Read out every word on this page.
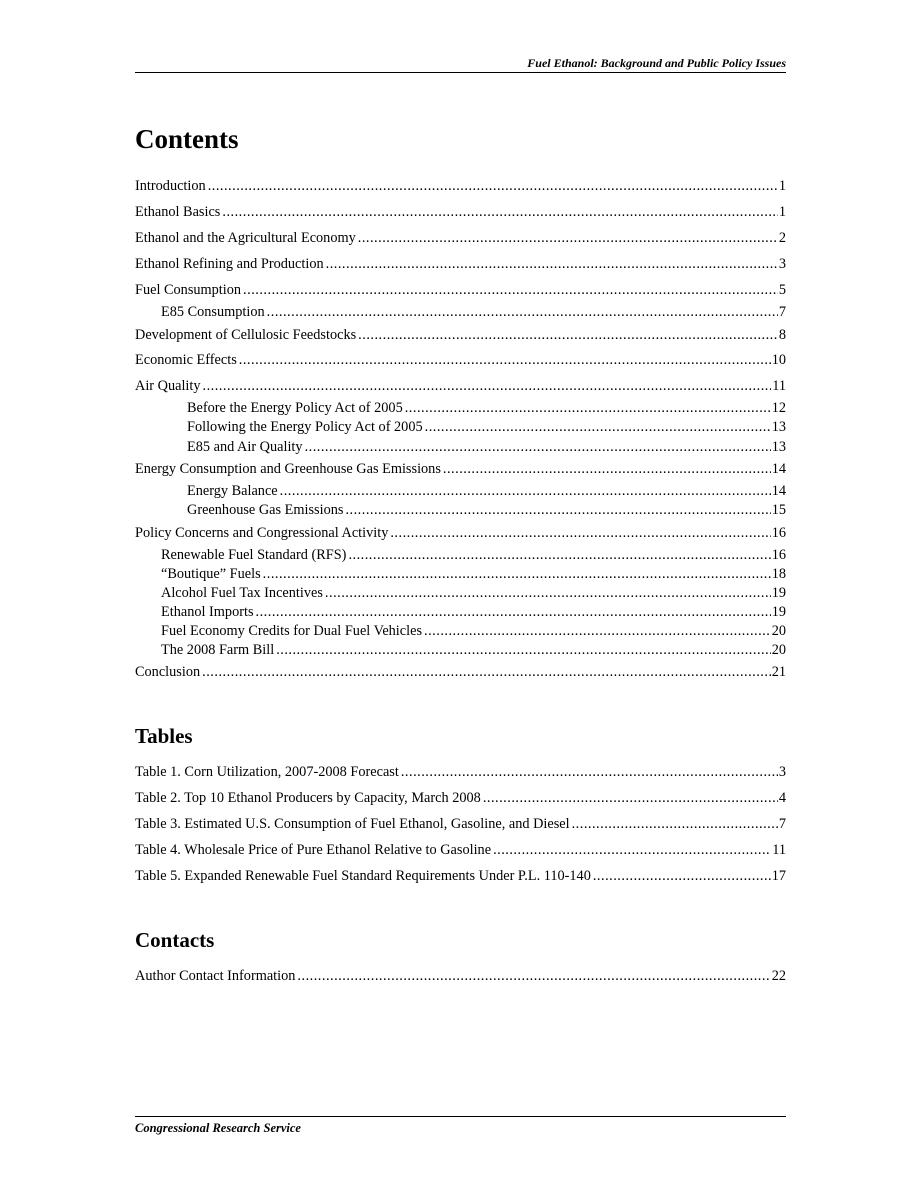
Fuel Ethanol: Background and Public Policy Issues
Contents
Introduction .....	1
Ethanol Basics .....	1
Ethanol and the Agricultural Economy .....	2
Ethanol Refining and Production .....	3
Fuel Consumption .....	5
E85 Consumption .....	7
Development of Cellulosic Feedstocks .....	8
Economic Effects .....	10
Air Quality .....	11
Before the Energy Policy Act of 2005 .....	12
Following the Energy Policy Act of 2005 .....	13
E85 and Air Quality .....	13
Energy Consumption and Greenhouse Gas Emissions .....	14
Energy Balance .....	14
Greenhouse Gas Emissions .....	15
Policy Concerns and Congressional Activity .....	16
Renewable Fuel Standard (RFS) .....	16
“Boutique” Fuels .....	18
Alcohol Fuel Tax Incentives .....	19
Ethanol Imports .....	19
Fuel Economy Credits for Dual Fuel Vehicles .....	20
The 2008 Farm Bill .....	20
Conclusion .....	21
Tables
Table 1. Corn Utilization, 2007-2008 Forecast .....	3
Table 2. Top 10 Ethanol Producers by Capacity, March 2008 .....	4
Table 3. Estimated U.S. Consumption of Fuel Ethanol, Gasoline, and Diesel .....	7
Table 4. Wholesale Price of Pure Ethanol Relative to Gasoline .....	11
Table 5. Expanded Renewable Fuel Standard Requirements Under P.L. 110-140 .....	17
Contacts
Author Contact Information .....	22
Congressional Research Service
